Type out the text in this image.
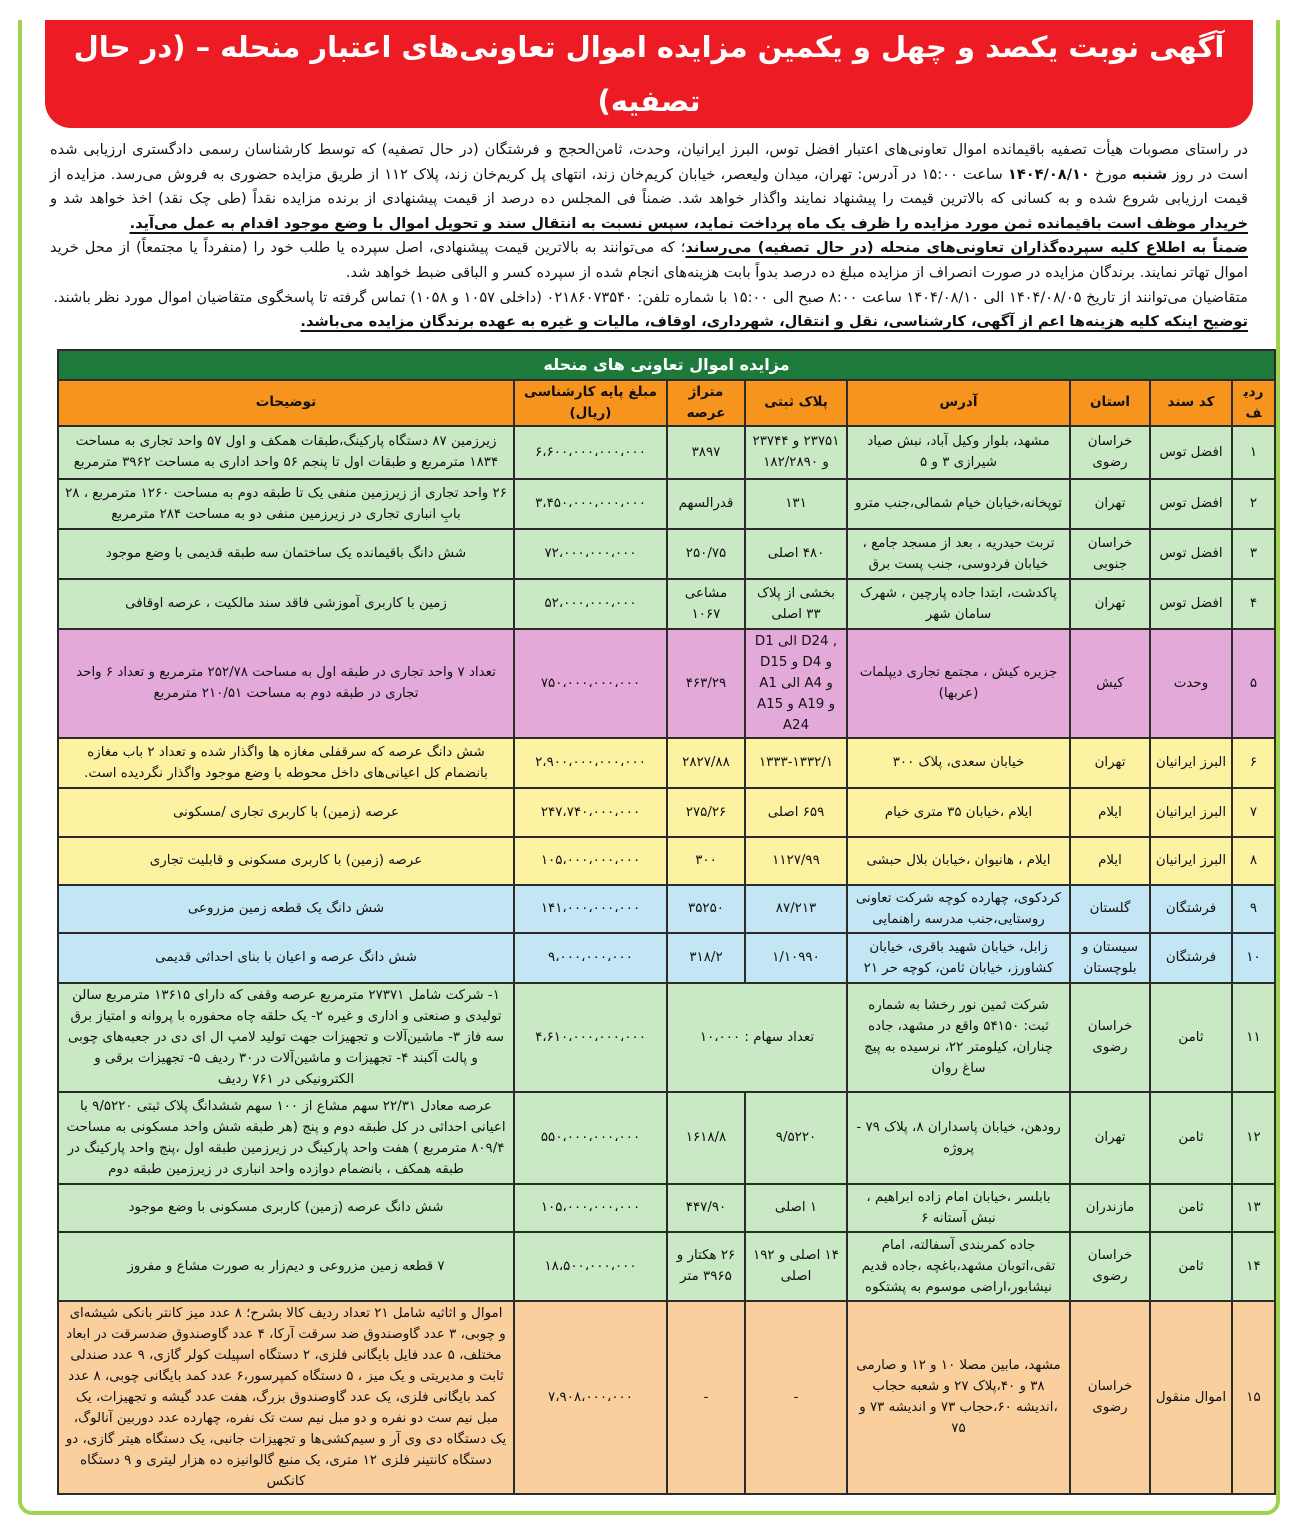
آگهی نوبت یکصد و چهل و یکمین مزایده اموال تعاونی‌های اعتبار منحله – (در حال تصفیه)

در راستای مصوبات هیأت تصفیه باقیمانده اموال تعاونی‌های اعتبار افضل توس، البرز ایرانیان، وحدت، ثامن‌الحجج و فرشتگان (در حال تصفیه) که توسط کارشناسان رسمی دادگستری ارزیابی شده است در روز شنبه مورخ ۱۴۰۴/۰۸/۱۰ ساعت ۱۵:۰۰ در آدرس: تهران، میدان ولیعصر، خیابان کریم‌خان زند، انتهای پل کریم‌خان زند، پلاک ۱۱۲ از طریق مزایده حضوری به فروش می‌رسد. مزایده از قیمت ارزیابی شروع شده و به کسانی که بالاترین قیمت را پیشنهاد نمایند واگذار خواهد شد. ضمناً فی المجلس ده درصد از قیمت پیشنهادی از برنده مزایده نقداً (طی چک نقد) اخذ خواهد شد و خریدار موظف است باقیمانده ثمن مورد مزایده را ظرف یک ماه پرداخت نماید، سپس نسبت به انتقال سند و تحویل اموال با وضع موجود اقدام به عمل می‌آید.

ضمناً به اطلاع کلیه سپرده‌گذاران تعاونی‌های منحله (در حال تصفیه) می‌رساند؛ که می‌توانند به بالاترین قیمت پیشنهادی، اصل سپرده یا طلب خود را (منفرداً یا مجتمعاً) از محل خرید اموال تهاتر نمایند. برندگان مزایده در صورت انصراف از مزایده مبلغ ده درصد بدواً بابت هزینه‌های انجام شده از سپرده کسر و الباقی ضبط خواهد شد.

متقاضیان می‌توانند از تاریخ ۱۴۰۴/۰۸/۰۵ الی ۱۴۰۴/۰۸/۱۰ ساعت ۸:۰۰ صبح الی ۱۵:۰۰ با شماره تلفن: ۰۲۱۸۶۰۷۳۵۴۰ (داخلی ۱۰۵۷ و ۱۰۵۸) تماس گرفته تا پاسخگوی متقاضیان اموال مورد نظر باشند.

توضیح اینکه کلیه هزینه‌ها اعم از آگهی، کارشناسی، نقل و انتقال، شهرداری، اوقاف، مالیات و غیره به عهده برندگان مزایده می‌باشد.

مزایده اموال تعاونی های منحله							
ردیف	کد سند	استان	آدرس	پلاک ثبتی	متراژ عرصه	مبلغ پایه کارشناسی (ریال)	توضیحات
۱	افضل توس	خراسان رضوی	مشهد، بلوار وکیل آباد، نبش صیاد شیرازی ۳ و ۵	۲۳۷۵۱ و ۲۳۷۴۴ و ۱۸۲/۲۸۹۰	۳۸۹۷	۶،۶۰۰،۰۰۰،۰۰۰،۰۰۰	زیرزمین ۸۷ دستگاه پارکینگ،طبقات همکف و اول ۵۷ واحد تجاری به مساحت ۱۸۳۴ مترمربع و طبقات اول تا پنجم ۵۶ واحد اداری به مساحت ۳۹۶۲ مترمربع
۲	افضل توس	تهران	توپخانه،خیابان خیام شمالی،جنب مترو	۱۳۱	قدرالسهم	۳،۴۵۰،۰۰۰،۰۰۰،۰۰۰	۲۶ واحد تجاری از زیرزمین منفی یک تا طبقه دوم به مساحت ۱۲۶۰ مترمربع ، ۲۸ بابِ انباری تجاری در زیرزمین منفی دو به مساحت ۲۸۴ مترمربع
۳	افضل توس	خراسان جنوبی	تربت حیدریه ، بعد از مسجد جامع ، خیابان فردوسی، جنب پست برق	۴۸۰ اصلی	۲۵۰/۷۵	۷۲،۰۰۰،۰۰۰،۰۰۰	شش دانگ باقیمانده یک ساختمان سه طبقه قدیمی با وضع موجود
۴	افضل توس	تهران	پاکدشت، ابتدا جاده پارچین ، شهرک سامان شهر	بخشی از پلاک ۳۳ اصلی	مشاعی ۱۰۶۷	۵۲،۰۰۰،۰۰۰،۰۰۰	زمین با کاربری آموزشی فاقد سند مالکیت ، عرصه اوقافی
۵	وحدت	کیش	جزیره کیش ، مجتمع تجاری دیپلمات (عربها)	D1 الی D24 , D15 و D4 و A1 الی A4 و A15 و A19 و A24	۴۶۳/۲۹	۷۵۰،۰۰۰،۰۰۰،۰۰۰	تعداد ۷ واحد تجاری در طبقه اول به مساحت ۲۵۲/۷۸ مترمربع و تعداد ۶ واحد تجاری در طبقه دوم به مساحت ۲۱۰/۵۱ مترمربع
۶	البرز ایرانیان	تهران	خیابان سعدی، پلاک ۳۰۰	۱۳۳۳-۱۳۳۲/۱	۲۸۲۷/۸۸	۲،۹۰۰،۰۰۰،۰۰۰،۰۰۰	شش دانگ عرصه که سرقفلی مغازه ها واگذار شده و تعداد ۲ باب مغازه بانضمام کل اعیانی‌های داخل محوطه با وضع موجود واگذار نگردیده است.
۷	البرز ایرانیان	ایلام	ایلام ،خیابان ۳۵ متری خیام	۶۵۹ اصلی	۲۷۵/۲۶	۲۴۷،۷۴۰،۰۰۰،۰۰۰	عرصه (زمین) با کاربری تجاری /مسکونی
۸	البرز ایرانیان	ایلام	ایلام ، هانیوان ،خیابان بلال حبشی	۱۱۲۷/۹۹	۳۰۰	۱۰۵،۰۰۰،۰۰۰،۰۰۰	عرصه (زمین) با کاربری مسکونی و قابلیت تجاری
۹	فرشتگان	گلستان	کردکوی، چهارده کوچه شرکت تعاونی روستایی،جنب مدرسه راهنمایی	۸۷/۲۱۳	۳۵۲۵۰	۱۴۱،۰۰۰،۰۰۰،۰۰۰	شش دانگ یک قطعه زمین مزروعی
۱۰	فرشتگان	سیستان و بلوچستان	زابل، خیابان شهید باقری، خیابان کشاورز، خیابان ثامن، کوچه حر ۲۱	۱/۱۰۹۹۰	۳۱۸/۲	۹،۰۰۰،۰۰۰،۰۰۰	شش دانگ عرصه و اعیان با بنای احداثی قدیمی
۱۱	ثامن	خراسان رضوی	شرکت ثمین نور رخشا به شماره ثبت: ۵۴۱۵۰ واقع در مشهد، جاده چناران، کیلومتر ۲۲، نرسیده به پیچ ساغ روان	تعداد سهام : ۱۰،۰۰۰		۴،۶۱۰،۰۰۰،۰۰۰،۰۰۰	۱- شرکت شامل ۲۷۳۷۱ مترمربع عرصه وقفی که دارای ۱۳۶۱۵ مترمربع سالن تولیدی و صنعتی و اداری و غیره ۲- یک حلقه چاه محفوره با پروانه و امتیاز برق سه فاز ۳- ماشین‌آلات و تجهیزات جهت تولید لامپ ال ای دی در جعبه‌های چوبی و پالت آکبند ۴- تجهیزات و ماشین‌آلات در۳۰ ردیف ۵- تجهیزات برقی و الکترونیکی در ۷۶۱ ردیف
۱۲	ثامن	تهران	رودهن، خیابان پاسداران ۸، پلاک ۷۹ - پروژه	۹/۵۲۲۰	۱۶۱۸/۸	۵۵۰،۰۰۰،۰۰۰،۰۰۰	عرصه معادل ۲۲/۳۱ سهم مشاع از ۱۰۰ سهم ششدانگ پلاک ثبتی ۹/۵۲۲۰ با اعیانی احداثی در کل طبقه دوم و پنج (هر طبقه شش واحد مسکونی به مساحت ۸۰۹/۴ مترمربع ) هفت واحد پارکینگ در زیرزمین طبقه اول ،پنج واحد پارکینگ در طبقه همکف ، بانضمام دوازده واحد انباری در زیرزمین طبقه دوم
۱۳	ثامن	مازندران	بابلسر ،خیابان امام زاده ابراهیم ، نبش آستانه ۶	۱ اصلی	۴۴۷/۹۰	۱۰۵،۰۰۰،۰۰۰،۰۰۰	شش دانگ عرصه (زمین) کاربری مسکونی با وضع موجود
۱۴	ثامن	خراسان رضوی	جاده کمربندی آسفالته، امام تقی،اتوبان مشهد،باغچه ،جاده قدیم نیشابور،اراضی موسوم به پشتکوه	۱۴ اصلی و ۱۹۲ اصلی	۲۶ هکتار و ۳۹۶۵ متر	۱۸،۵۰۰،۰۰۰،۰۰۰	۷ قطعه زمین مزروعی و دیم‌زار به صورت مشاع و مفروز
۱۵	اموال منقول	خراسان رضوی	مشهد، مابین مصلا ۱۰ و ۱۲ و صارمی ۳۸ و ۴۰،پلاک ۲۷ و شعبه حجاب ،اندیشه ۶۰،حجاب ۷۳ و اندیشه ۷۳ و ۷۵	-	-	۷،۹۰۸،۰۰۰،۰۰۰	اموال و اثاثیه شامل ۲۱ تعداد ردیف کالا بشرح؛ ۸ عدد میز کانتر بانکی شیشه‌ای و چوبی، ۳ عدد گاوصندوق ضد سرقت آرکا، ۴ عدد گاوصندوق ضدسرقت در ابعاد مختلف، ۵ عدد فایل بایگانی فلزی، ۲ دستگاه اسپیلت کولر گازی، ۹ عدد صندلی ثابت و مدیریتی و یک میز ، ۵ دستگاه کمپرسور،۶ عدد کمد بایگانی چوبی، ۸ عدد کمد بایگانی فلزی، یک عدد گاوصندوق بزرگ، هفت عدد گیشه و تجهیزات، یک مبل نیم ست دو نفره و دو مبل نیم ست تک نفره، چهارده عدد دوربین آنالوگ، یک دستگاه دی وی آر و سیم‌کشی‌ها و تجهیزات جانبی، یک دستگاه هیتر گازی، دو دستگاه کانتینر فلزی ۱۲ متری، یک منبع گالوانیزه ده هزار لیتری و ۹ دستگاه کانکس
